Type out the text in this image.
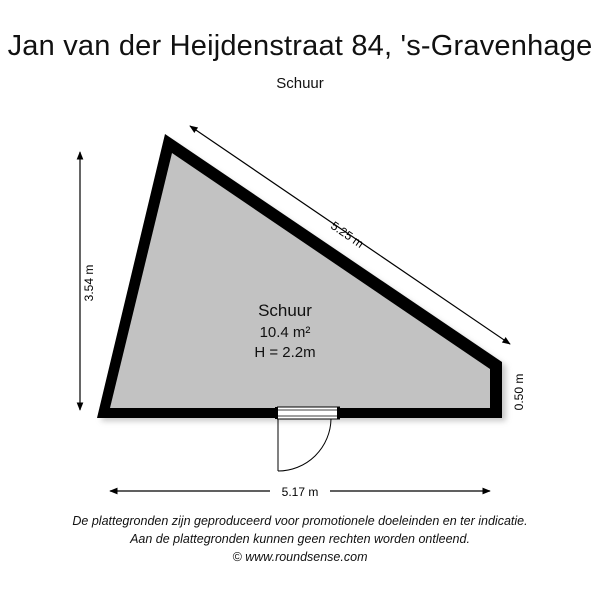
Jan van der Heijdenstraat 84, 's-Gravenhage
Schuur
3.54 m
5.25 m
0.50 m
5.17 m
Schuur
10.4 m²
H = 2.2m
De plattegronden zijn geproduceerd voor promotionele doeleinden en ter indicatie.
Aan de plattegronden kunnen geen rechten worden ontleend.
© www.roundsense.com
